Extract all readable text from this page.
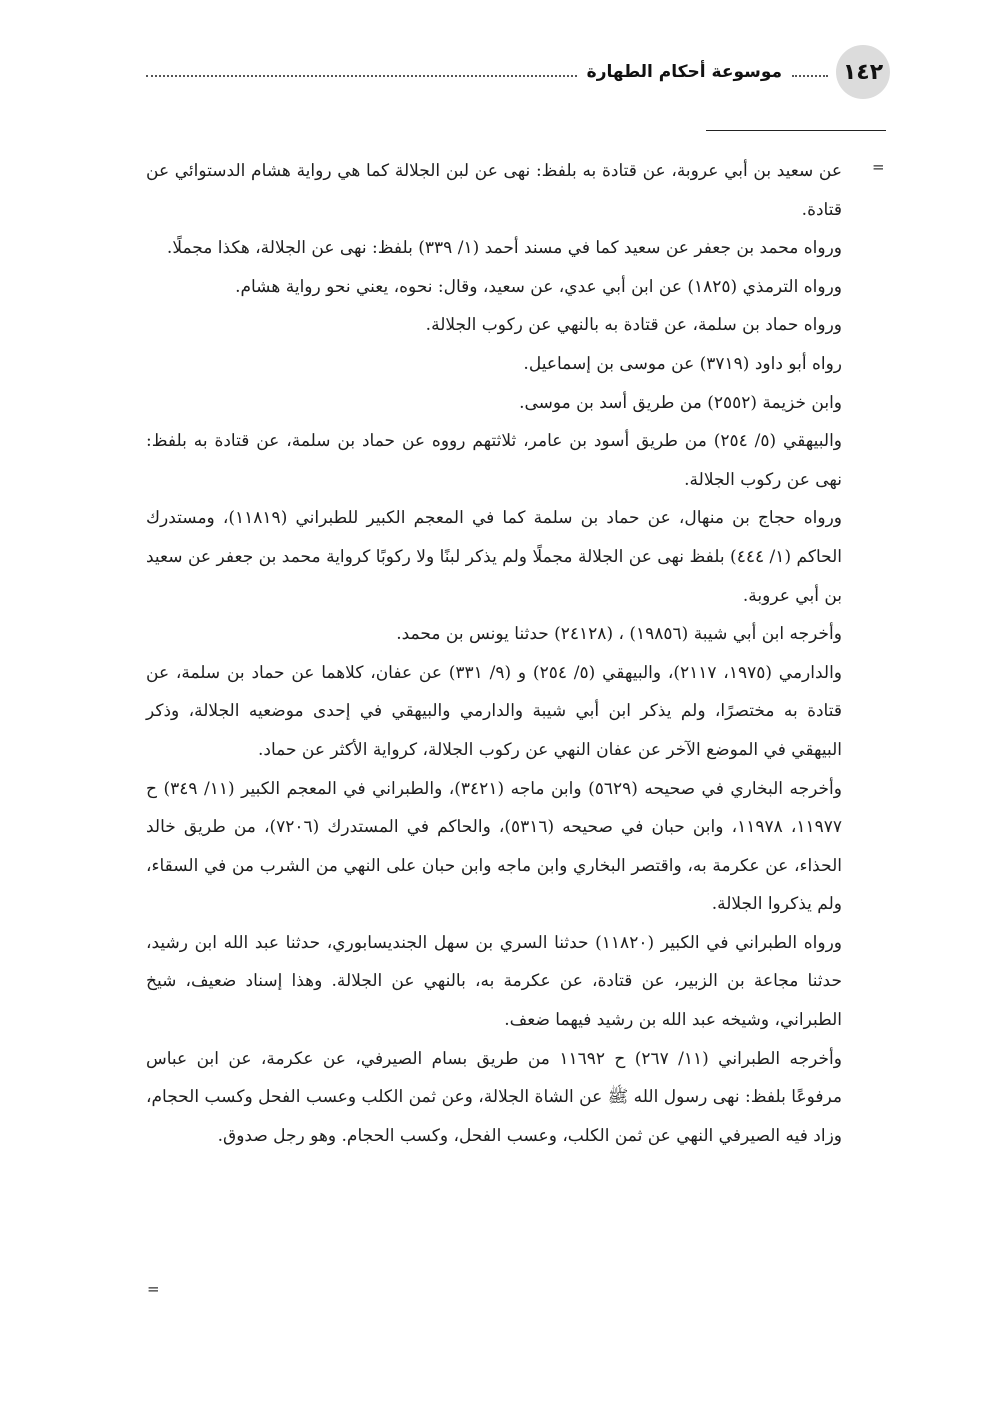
١٤٢
موسوعة أحكام الطهارة
=

عن سعيد بن أبي عروبة، عن قتادة به بلفظ: نهى عن لبن الجلالة كما هي رواية هشام الدستوائي عن قتادة.

ورواه محمد بن جعفر عن سعيد كما في مسند أحمد (١/ ٣٣٩) بلفظ: نهى عن الجلالة، هكذا مجملًا.

ورواه الترمذي (١٨٢٥) عن ابن أبي عدي، عن سعيد، وقال: نحوه، يعني نحو رواية هشام.

ورواه حماد بن سلمة، عن قتادة به بالنهي عن ركوب الجلالة.

رواه أبو داود (٣٧١٩) عن موسى بن إسماعيل.

وابن خزيمة (٢٥٥٢) من طريق أسد بن موسى.

والبيهقي (٥/ ٢٥٤) من طريق أسود بن عامر، ثلاثتهم رووه عن حماد بن سلمة، عن قتادة به بلفظ: نهى عن ركوب الجلالة.

ورواه حجاج بن منهال، عن حماد بن سلمة كما في المعجم الكبير للطبراني (١١٨١٩)، ومستدرك الحاكم (١/ ٤٤٤) بلفظ نهى عن الجلالة مجملًا ولم يذكر لبنًا ولا ركوبًا كرواية محمد بن جعفر عن سعيد بن أبي عروبة.

وأخرجه ابن أبي شيبة (١٩٨٥٦) ، (٢٤١٢٨) حدثنا يونس بن محمد.

والدارمي (١٩٧٥، ٢١١٧)، والبيهقي (٥/ ٢٥٤) و (٩/ ٣٣١) عن عفان، كلاهما عن حماد بن سلمة، عن قتادة به مختصرًا، ولم يذكر ابن أبي شيبة والدارمي والبيهقي في إحدى موضعيه الجلالة، وذكر البيهقي في الموضع الآخر عن عفان النهي عن ركوب الجلالة، كرواية الأكثر عن حماد.

وأخرجه البخاري في صحيحه (٥٦٢٩) وابن ماجه (٣٤٢١)، والطبراني في المعجم الكبير (١١/ ٣٤٩) ح ١١٩٧٧، ١١٩٧٨، وابن حبان في صحيحه (٥٣١٦)، والحاكم في المستدرك (٧٢٠٦)، من طريق خالد الحذاء، عن عكرمة به، واقتصر البخاري وابن ماجه وابن حبان على النهي من الشرب من في السقاء، ولم يذكروا الجلالة.

ورواه الطبراني في الكبير (١١٨٢٠) حدثنا السري بن سهل الجنديسابوري، حدثنا عبد الله ابن رشيد، حدثنا مجاعة بن الزبير، عن قتادة، عن عكرمة به، بالنهي عن الجلالة. وهذا إسناد ضعيف، شيخ الطبراني، وشيخه عبد الله بن رشيد فيهما ضعف.

وأخرجه الطبراني (١١/ ٢٦٧) ح ١١٦٩٢ من طريق بسام الصيرفي، عن عكرمة، عن ابن عباس مرفوعًا بلفظ: نهى رسول الله ﷺ عن الشاة الجلالة، وعن ثمن الكلب وعسب الفحل وكسب الحجام، وزاد فيه الصيرفي النهي عن ثمن الكلب، وعسب الفحل، وكسب الحجام. وهو رجل صدوق.

=
